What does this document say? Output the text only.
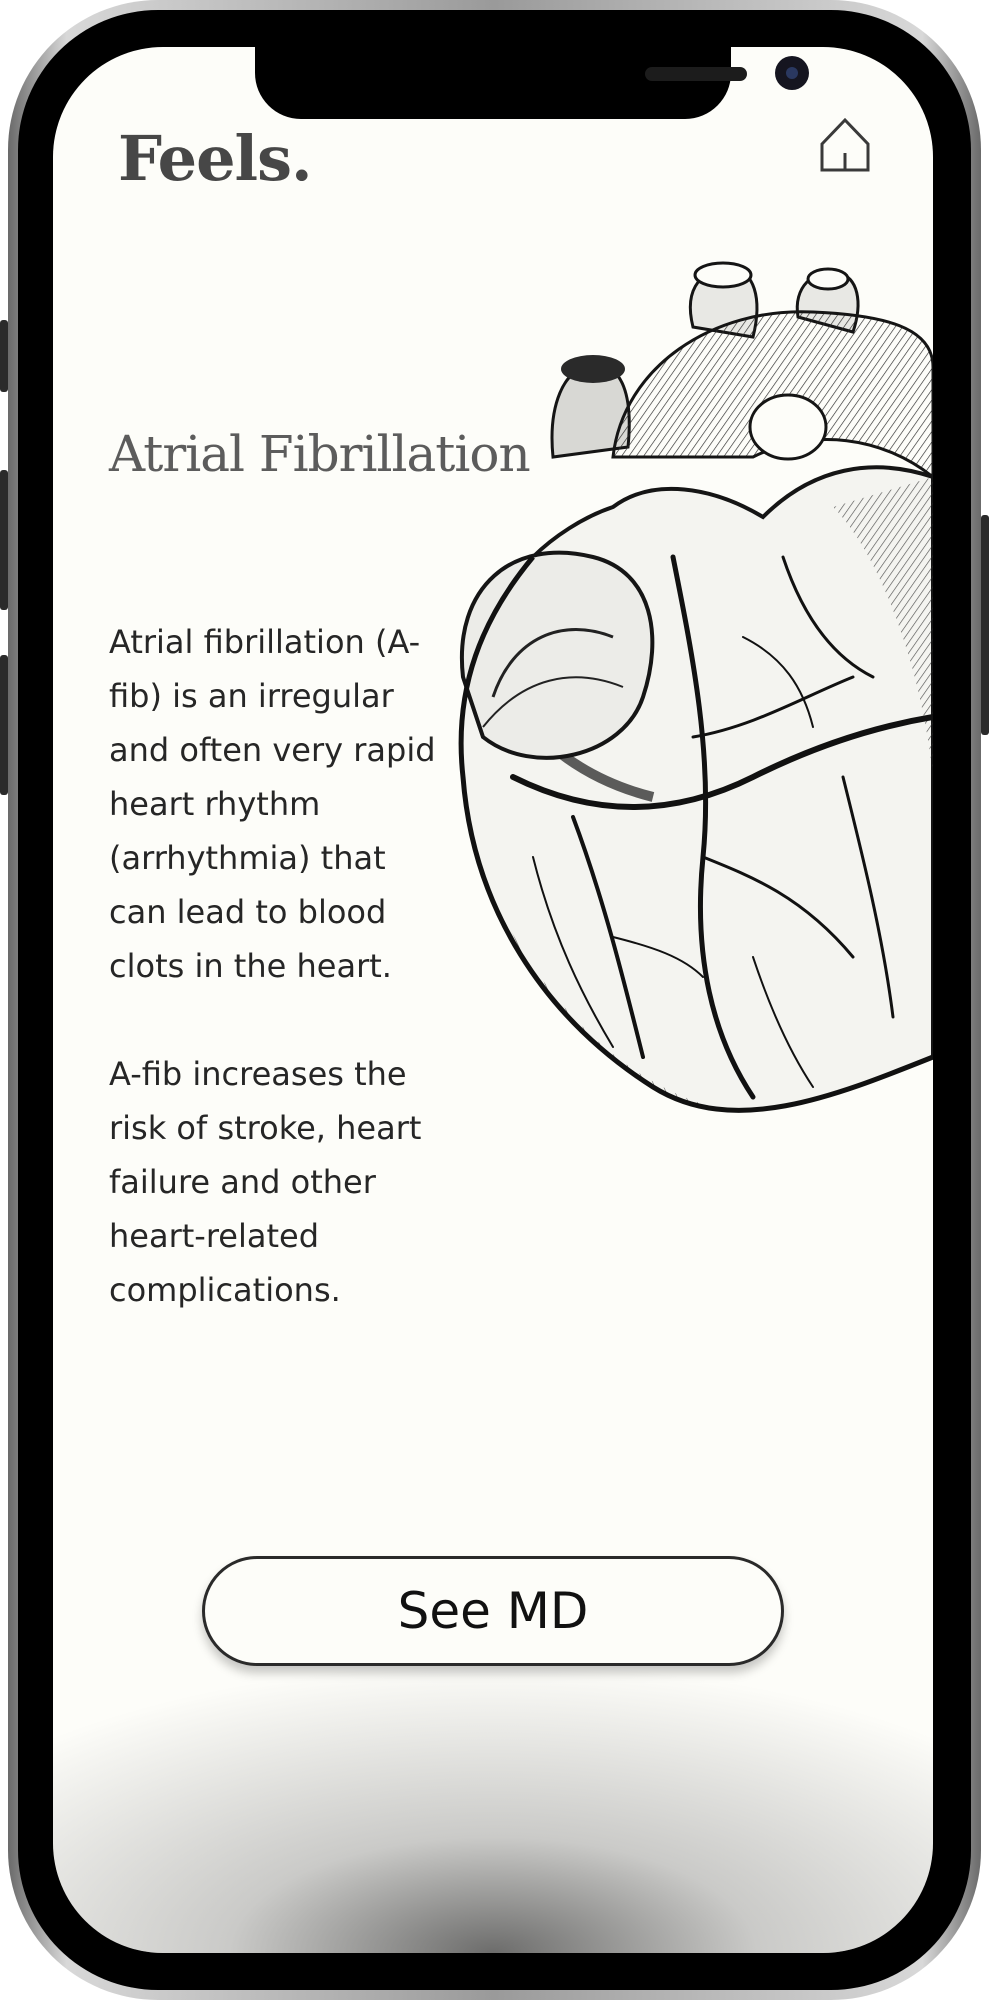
Feels.
Atrial Fibrillation

Atrial fibrillation (A-fib) is an irregular and often very rapid heart rhythm (arrhythmia) that can lead to blood clots in the heart.

A-fib increases the risk of stroke, heart failure and other heart-related complications.

See MD
